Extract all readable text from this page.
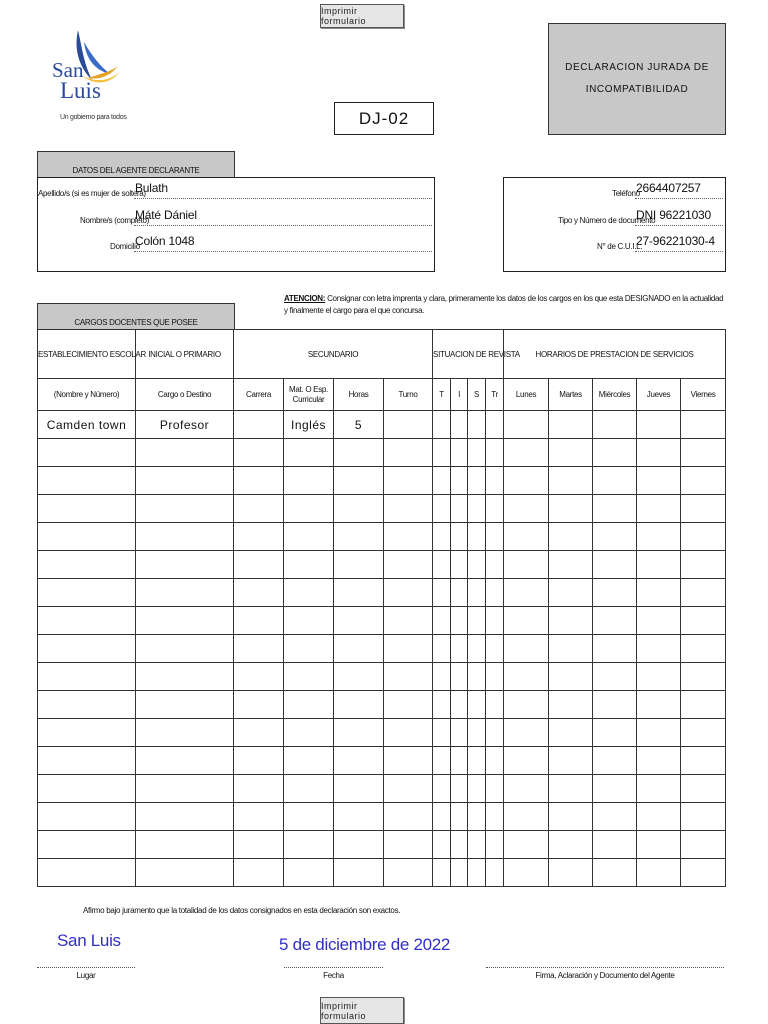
Imprimir formulario
San
Luis
Un gobierno para todos	DJ-02
DECLARACION JURADA DE
INCOMPATIBILIDAD
DATOS DEL AGENTE DECLARANTE
Apellido/s (si es mujer de soltera)
Bulath
Nombre/s (completo)
Máté Dániel
Domicilio
Colón 1048
Teléfono
2664407257
Tipo y Número de documento
DNI 96221030
N° de C.U.I.L.
27-96221030-4
ATENCION: Consignar con letra imprenta y clara, primeramente los datos de los cargos en los que esta DESIGNADO en la actualidad y finalmente el cargo para el que concursa.
CARGOS DOCENTES QUE POSEE
ESTABLECIMIENTO ESCOLAR	INICIAL O PRIMARIO	SECUNDARIO				SITUACION DE REVISTA				HORARIOS DE PRESTACION DE SERVICIOS				
(Nombre y Número)	Cargo o Destino	Carrera	Mat. O Esp. Curricular	Horas	Turno	T	I	S	Tr	Lunes	Martes	Miércoles	Jueves	Viernes
Camden town	Profesor		Inglés	5										

Afirmo bajo juramento que la totalidad de los datos consignados en esta declaración son exactos.
San Luis	5 de diciembre de 2022
Lugar	Fecha	Firma, Aclaración y Documento del Agente
Imprimir formulario
